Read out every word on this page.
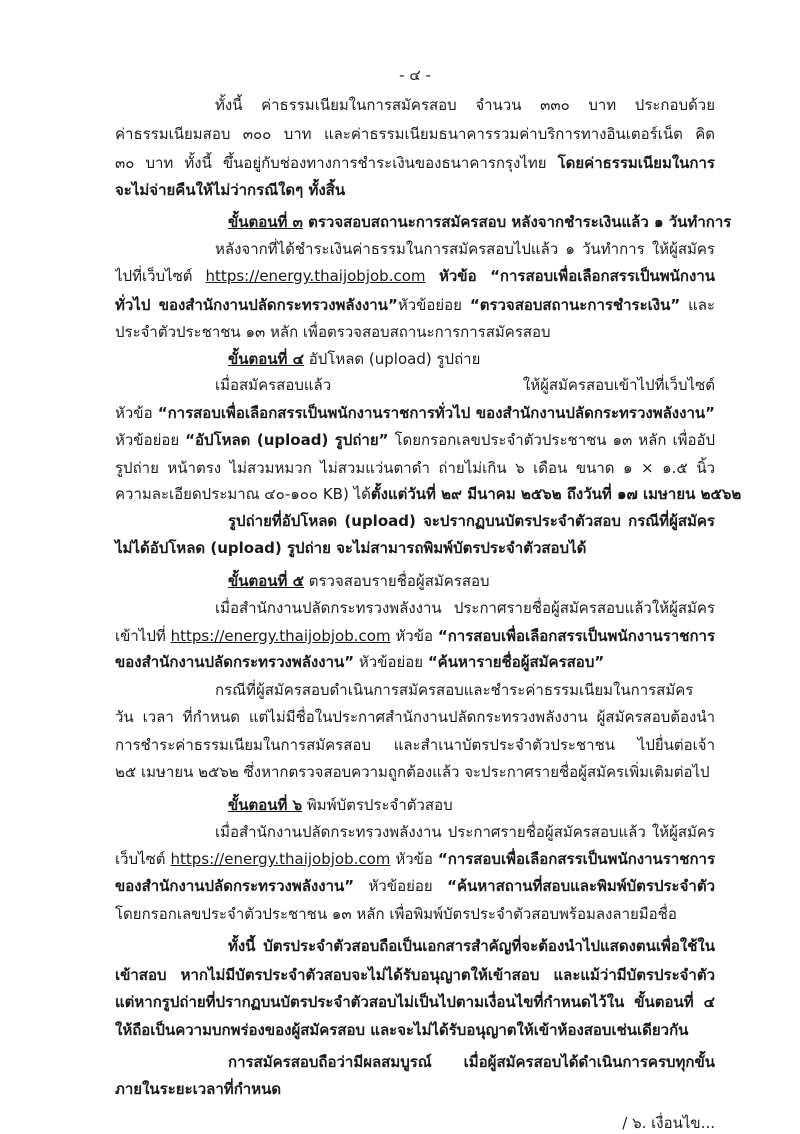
- ๔ -
ทั้งนี้ ค่าธรรมเนียมในการสมัครสอบ จำนวน ๓๓๐ บาท ประกอบด้วย
ค่าธรรมเนียมสอบ ๓๐๐ บาท และค่าธรรมเนียมธนาคารรวมค่าบริการทางอินเตอร์เน็ต คิด
๓๐ บาท ทั้งนี้ ขึ้นอยู่กับช่องทางการชำระเงินของธนาคารกรุงไทย โดยค่าธรรมเนียมในการ
จะไม่จ่ายคืนให้ไม่ว่ากรณีใดๆ ทั้งสิ้น
ขั้นตอนที่ ๓ ตรวจสอบสถานะการสมัครสอบ หลังจากชำระเงินแล้ว ๑ วันทำการ
หลังจากที่ได้ชำระเงินค่าธรรมในการสมัครสอบไปแล้ว ๑ วันทำการ ให้ผู้สมัคร
ไปที่เว็บไซต์ https://energy.thaijobjob.com หัวข้อ “การสอบเพื่อเลือกสรรเป็นพนักงาน
ทั่วไป ของสำนักงานปลัดกระทรวงพลังงาน”หัวข้อย่อย “ตรวจสอบสถานะการชำระเงิน” และ
ประจำตัวประชาชน ๑๓ หลัก เพื่อตรวจสอบสถานะการการสมัครสอบ
ขั้นตอนที่ ๔ อัปโหลด (upload) รูปถ่าย
เมื่อสมัครสอบแล้ว ให้ผู้สมัครสอบเข้าไปที่เว็บไซต์
หัวข้อ “การสอบเพื่อเลือกสรรเป็นพนักงานราชการทั่วไป ของสำนักงานปลัดกระทรวงพลังงาน”
หัวข้อย่อย “อัปโหลด (upload) รูปถ่าย” โดยกรอกเลขประจำตัวประชาชน ๑๓ หลัก เพื่ออัป
รูปถ่าย หน้าตรง ไม่สวมหมวก ไม่สวมแว่นตาดำ ถ่ายไม่เกิน ๖ เดือน ขนาด ๑ × ๑.๕ นิ้ว
ความละเอียดประมาณ ๔๐-๑๐๐ KB) ได้ตั้งแต่วันที่ ๒๙ มีนาคม ๒๕๖๒ ถึงวันที่ ๑๗ เมษายน ๒๕๖๒
รูปถ่ายที่อัปโหลด (upload) จะปรากฏบนบัตรประจำตัวสอบ กรณีที่ผู้สมัคร
ไม่ได้อัปโหลด (upload) รูปถ่าย จะไม่สามารถพิมพ์บัตรประจำตัวสอบได้
ขั้นตอนที่ ๕ ตรวจสอบรายชื่อผู้สมัครสอบ
เมื่อสำนักงานปลัดกระทรวงพลังงาน ประกาศรายชื่อผู้สมัครสอบแล้วให้ผู้สมัคร
เข้าไปที่ https://energy.thaijobjob.com หัวข้อ “การสอบเพื่อเลือกสรรเป็นพนักงานราชการ
ของสำนักงานปลัดกระทรวงพลังงาน” หัวข้อย่อย “ค้นหารายชื่อผู้สมัครสอบ”
กรณีที่ผู้สมัครสอบดำเนินการสมัครสอบและชำระค่าธรรมเนียมในการสมัคร
วัน เวลา ที่กำหนด แต่ไม่มีชื่อในประกาศสำนักงานปลัดกระทรวงพลังงาน ผู้สมัครสอบต้องนำ
การชำระค่าธรรมเนียมในการสมัครสอบ และสำเนาบัตรประจำตัวประชาชน ไปยื่นต่อเจ้า
๒๕ เมษายน ๒๕๖๒ ซึ่งหากตรวจสอบความถูกต้องแล้ว จะประกาศรายชื่อผู้สมัครเพิ่มเติมต่อไป
ขั้นตอนที่ ๖ พิมพ์บัตรประจำตัวสอบ
เมื่อสำนักงานปลัดกระทรวงพลังงาน ประกาศรายชื่อผู้สมัครสอบแล้ว ให้ผู้สมัคร
เว็บไซต์ https://energy.thaijobjob.com หัวข้อ “การสอบเพื่อเลือกสรรเป็นพนักงานราชการ
ของสำนักงานปลัดกระทรวงพลังงาน” หัวข้อย่อย “ค้นหาสถานที่สอบและพิมพ์บัตรประจำตัว
โดยกรอกเลขประจำตัวประชาชน ๑๓ หลัก เพื่อพิมพ์บัตรประจำตัวสอบพร้อมลงลายมือชื่อ
ทั้งนี้ บัตรประจำตัวสอบถือเป็นเอกสารสำคัญที่จะต้องนำไปแสดงตนเพื่อใช้ใน
เข้าสอบ หากไม่มีบัตรประจำตัวสอบจะไม่ได้รับอนุญาตให้เข้าสอบ และแม้ว่ามีบัตรประจำตัว
แต่หากรูปถ่ายที่ปรากฏบนบัตรประจำตัวสอบไม่เป็นไปตามเงื่อนไขที่กำหนดไว้ใน ขั้นตอนที่ ๔
ให้ถือเป็นความบกพร่องของผู้สมัครสอบ และจะไม่ได้รับอนุญาตให้เข้าห้องสอบเช่นเดียวกัน
การสมัครสอบถือว่ามีผลสมบูรณ์ เมื่อผู้สมัครสอบได้ดำเนินการครบทุกขั้น
ภายในระยะเวลาที่กำหนด
/ ๖. เงื่อนไข...
